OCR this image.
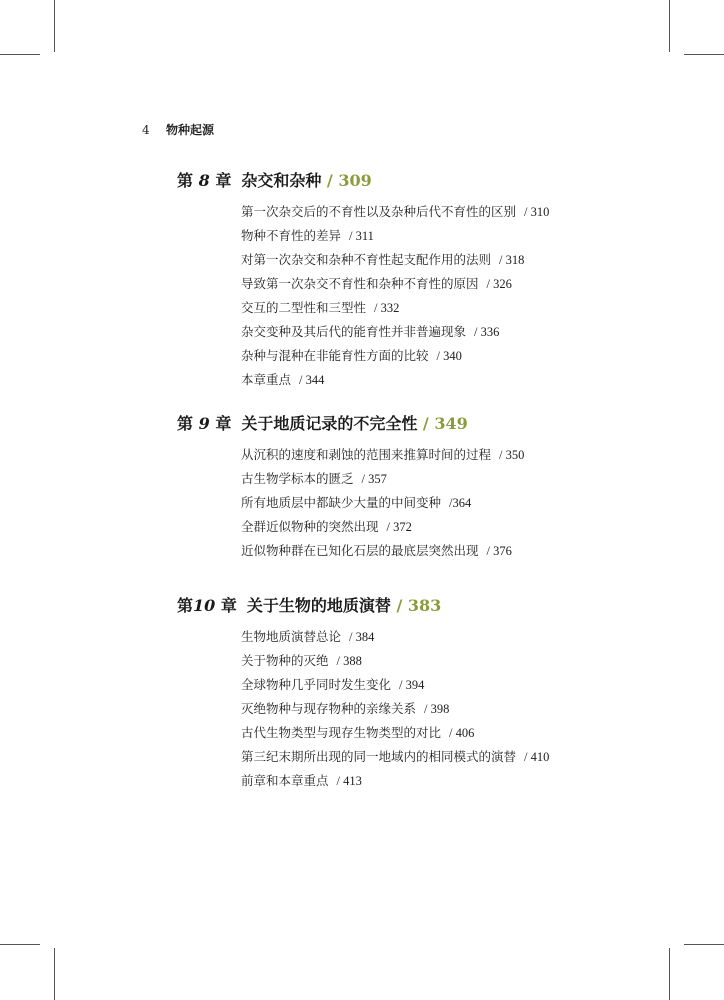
4 物种起源
第 8 章 杂交和杂种 / 309
第一次杂交后的不育性以及杂种后代不育性的区别 / 310
物种不育性的差异 / 311
对第一次杂交和杂种不育性起支配作用的法则 / 318
导致第一次杂交不育性和杂种不育性的原因 / 326
交互的二型性和三型性 / 332
杂交变种及其后代的能育性并非普遍现象 / 336
杂种与混种在非能育性方面的比较 / 340
本章重点 / 344
第 9 章 关于地质记录的不完全性 / 349
从沉积的速度和剥蚀的范围来推算时间的过程 / 350
古生物学标本的匮乏 / 357
所有地质层中都缺少大量的中间变种 /364
全群近似物种的突然出现 / 372
近似物种群在已知化石层的最底层突然出现 / 376
第10 章 关于生物的地质演替 / 383
生物地质演替总论 / 384
关于物种的灭绝 / 388
全球物种几乎同时发生变化 / 394
灭绝物种与现存物种的亲缘关系 / 398
古代生物类型与现存生物类型的对比 / 406
第三纪末期所出现的同一地域内的相同模式的演替 / 410
前章和本章重点 / 413
